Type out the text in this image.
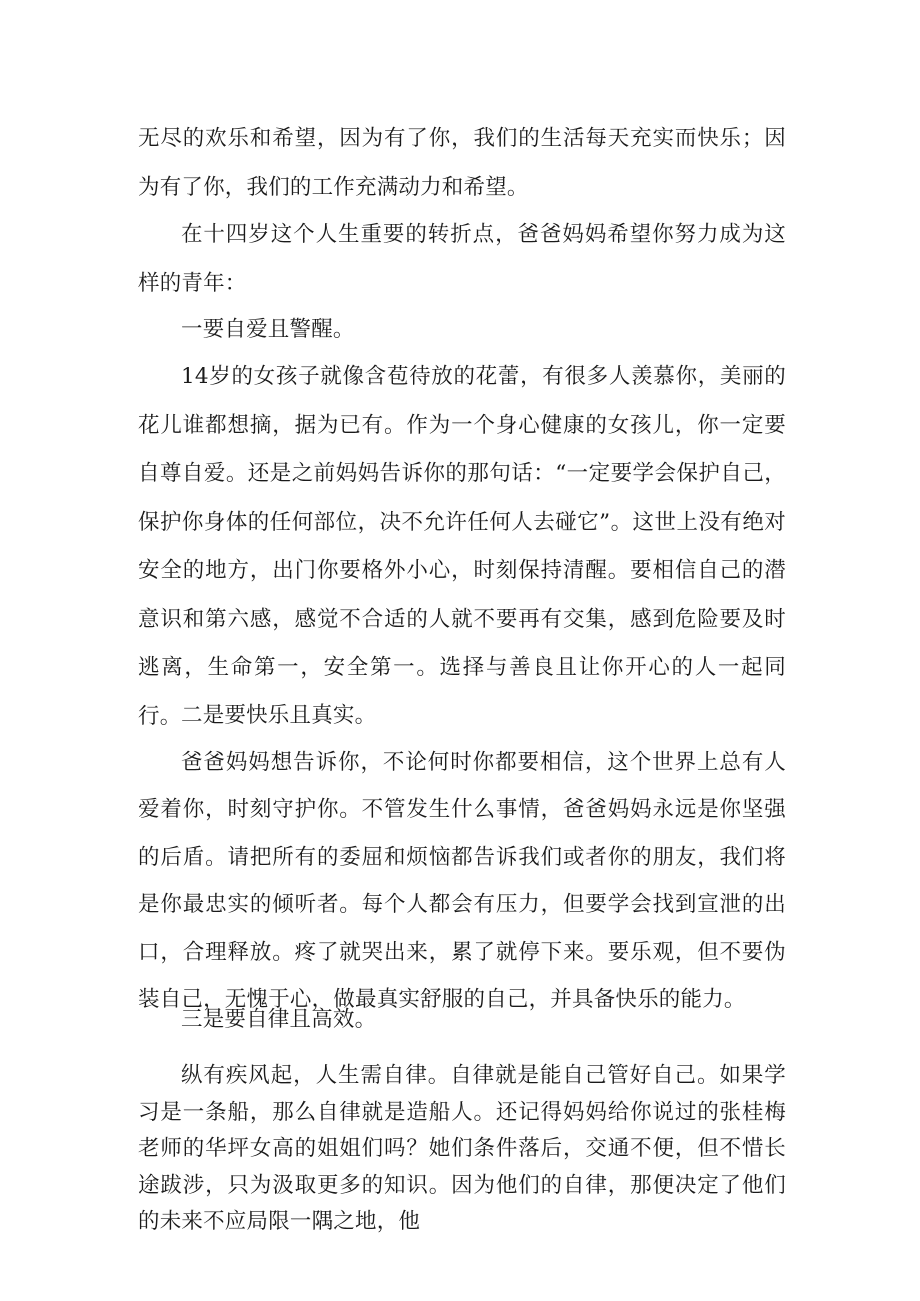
无尽的欢乐和希望，因为有了你，我们的生活每天充实而快乐；因为有了你，我们的工作充满动力和希望。

在十四岁这个人生重要的转折点，爸爸妈妈希望你努力成为这样的青年：

一要自爱且警醒。

14岁的女孩子就像含苞待放的花蕾，有很多人羡慕你，美丽的花儿谁都想摘，据为已有。作为一个身心健康的女孩儿，你一定要自尊自爱。还是之前妈妈告诉你的那句话：“一定要学会保护自己，保护你身体的任何部位，决不允许任何人去碰它”。这世上没有绝对安全的地方，出门你要格外小心，时刻保持清醒。要相信自己的潜意识和第六感，感觉不合适的人就不要再有交集，感到危险要及时逃离，生命第一，安全第一。选择与善良且让你开心的人一起同行。 二是要快乐且真实。

爸爸妈妈想告诉你，不论何时你都要相信，这个世界上总有人爱着你，时刻守护你。不管发生什么事情，爸爸妈妈永远是你坚强的后盾。请把所有的委屈和烦恼都告诉我们或者你的朋友，我们将是你最忠实的倾听者。每个人都会有压力，但要学会找到宣泄的出口，合理释放。疼了就哭出来，累了就停下来。要乐观，但不要伪装自己，无愧于心，做最真实舒服的自己，并具备快乐的能力。

三是要自律且高效。

纵有疾风起，人生需自律。自律就是能自己管好自己。如果学习是一条船，那么自律就是造船人。还记得妈妈给你说过的张桂梅老师的华坪女高的姐姐们吗？她们条件落后，交通不便，但不惜长途跋涉，只为汲取更多的知识。因为他们的自律，那便决定了他们的未来不应局限一隅之地，他
